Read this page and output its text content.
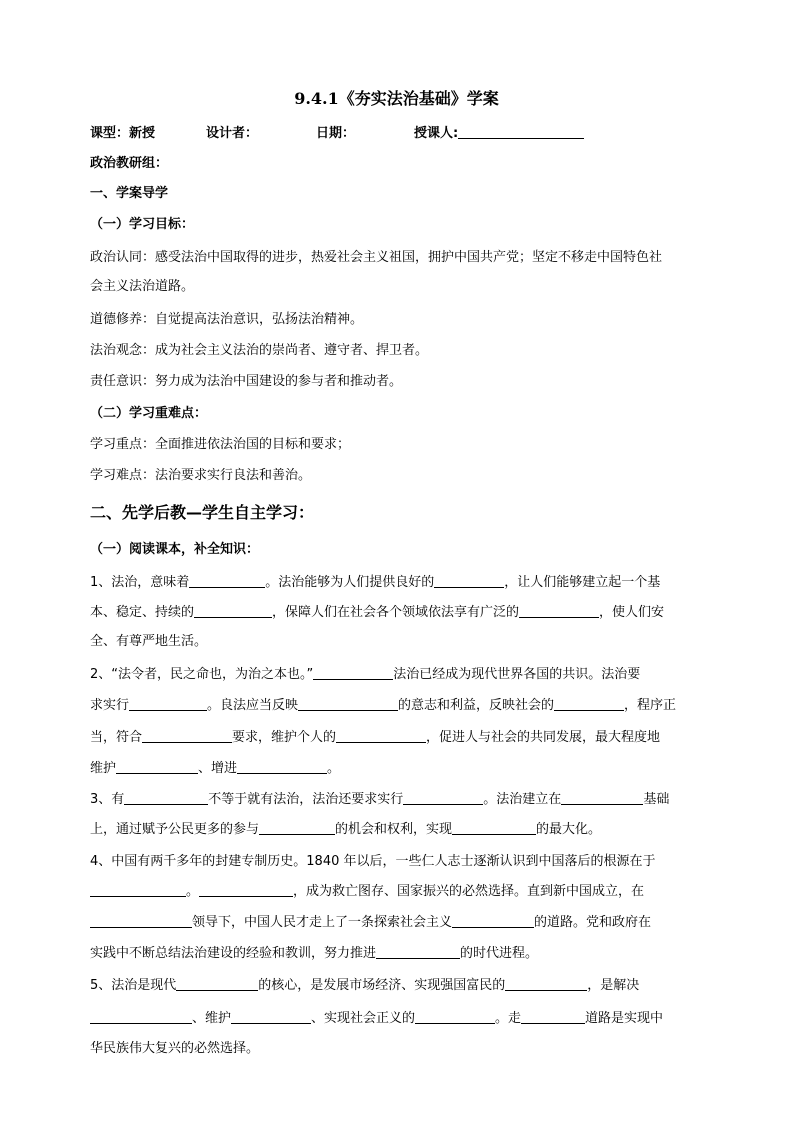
9.4.1《夯实法治基础》学案
课型：新授	设计者：	日期：	授课人:
政治教研组：
一、学案导学
（一）学习目标：
政治认同：感受法治中国取得的进步，热爱社会主义祖国，拥护中国共产党；坚定不移走中国特色社
会主义法治道路。
道德修养：自觉提高法治意识，弘扬法治精神。
法治观念：成为社会主义法治的崇尚者、遵守者、捍卫者。
责任意识：努力成为法治中国建设的参与者和推动者。
（二）学习重难点：
学习重点：全面推进依法治国的目标和要求；
学习难点：法治要求实行良法和善治。
二、先学后教—学生自主学习：
（一）阅读课本，补全知识：
1、法治，意味着	。法治能够为人们提供良好的	，让人们能够建立起一个基
本、稳定、持续的	，保障人们在社会各个领域依法享有广泛的	，使人们安
全、有尊严地生活。
2、“法令者，民之命也，为治之本也。”	法治已经成为现代世界各国的共识。法治要
求实行	。良法应当反映	的意志和利益，反映社会的	，程序正
当，符合	要求，维护个人的	，促进人与社会的共同发展，最大程度地
维护	、增进	。
3、有	不等于就有法治，法治还要求实行	。法治建立在	基础
上，通过赋予公民更多的参与	的机会和权利，实现	的最大化。
4、中国有两千多年的封建专制历史。1840 年以后，一些仁人志士逐渐认识到中国落后的根源在于
。	，成为救亡图存、国家振兴的必然选择。直到新中国成立，在
领导下，中国人民才走上了一条探索社会主义	的道路。党和政府在
实践中不断总结法治建设的经验和教训，努力推进	的时代进程。
5、法治是现代	的核心，是发展市场经济、实现强国富民的	，是解决
、维护	、实现社会正义的	。走	道路是实现中
华民族伟大复兴的必然选择。
